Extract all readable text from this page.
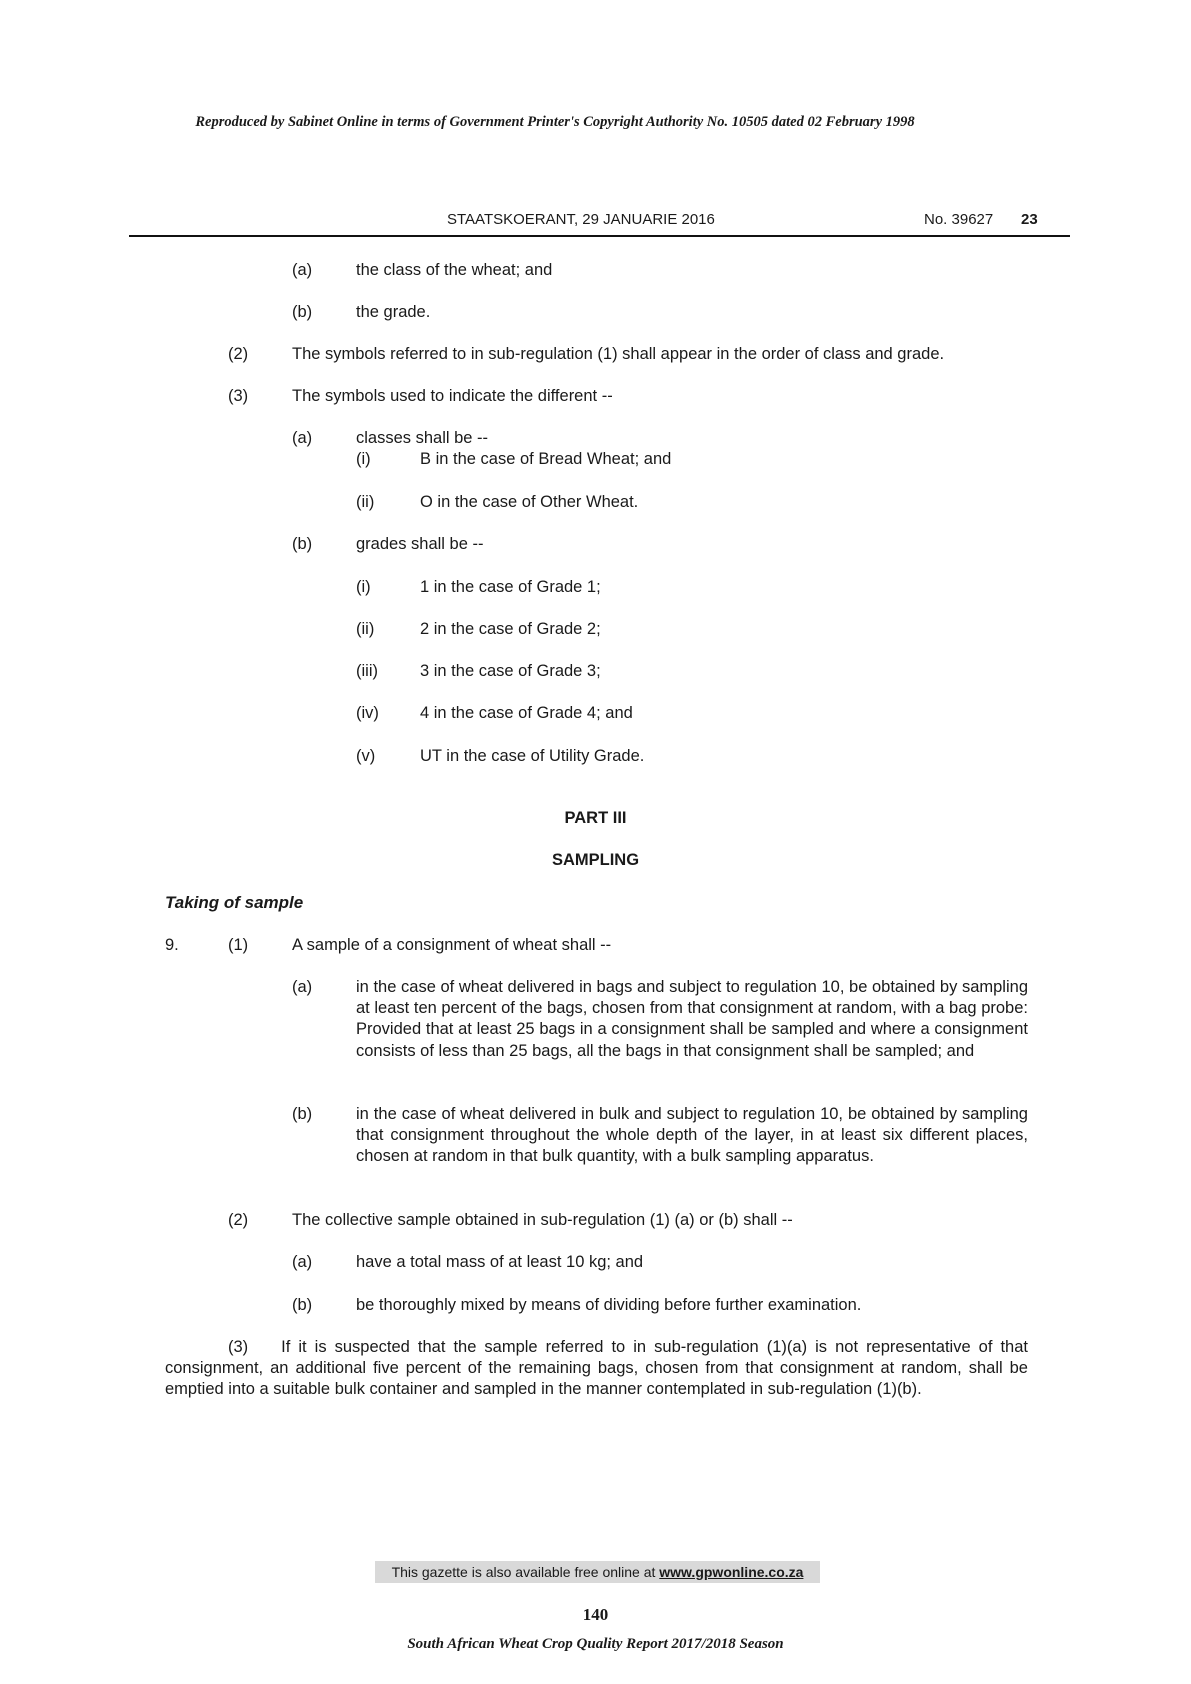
Reproduced by Sabinet Online in terms of Government Printer's Copyright Authority No. 10505 dated 02 February 1998
STAATSKOERANT, 29 JANUARIE 2016	No. 39627 23
(a)	the class of the wheat; and
(b)	the grade.
(2)	The symbols referred to in sub-regulation (1) shall appear in the order of class and grade.
(3)	The symbols used to indicate the different --
(a)	classes shall be --
(i)	B in the case of Bread Wheat; and
(ii)	O in the case of Other Wheat.
(b)	grades shall be --
(i)	1 in the case of Grade 1;
(ii)	2 in the case of Grade 2;
(iii)	3 in the case of Grade 3;
(iv) 4 in the case of Grade 4; and
(v)	UT in the case of Utility Grade.
PART III
SAMPLING
Taking of sample
9.	(1)	A sample of a consignment of wheat shall --
(a)	in the case of wheat delivered in bags and subject to regulation 10, be obtained by sampling at least ten percent of the bags, chosen from that consignment at random, with a bag probe: Provided that at least 25 bags in a consignment shall be sampled and where a consignment consists of less than 25 bags, all the bags in that consignment shall be sampled; and
(b)	in the case of wheat delivered in bulk and subject to regulation 10, be obtained by sampling that consignment throughout the whole depth of the layer, in at least six different places, chosen at random in that bulk quantity, with a bulk sampling apparatus.
(2)	The collective sample obtained in sub-regulation (1) (a) or (b) shall --
(a)	have a total mass of at least 10 kg; and
(b)	be thoroughly mixed by means of dividing before further examination.
(3) If it is suspected that the sample referred to in sub-regulation (1)(a) is not representative of that consignment, an additional five percent of the remaining bags, chosen from that consignment at random, shall be emptied into a suitable bulk container and sampled in the manner contemplated in sub-regulation (1)(b).
This gazette is also available free online at www.gpwonline.co.za
140
South African Wheat Crop Quality Report 2017/2018 Season
